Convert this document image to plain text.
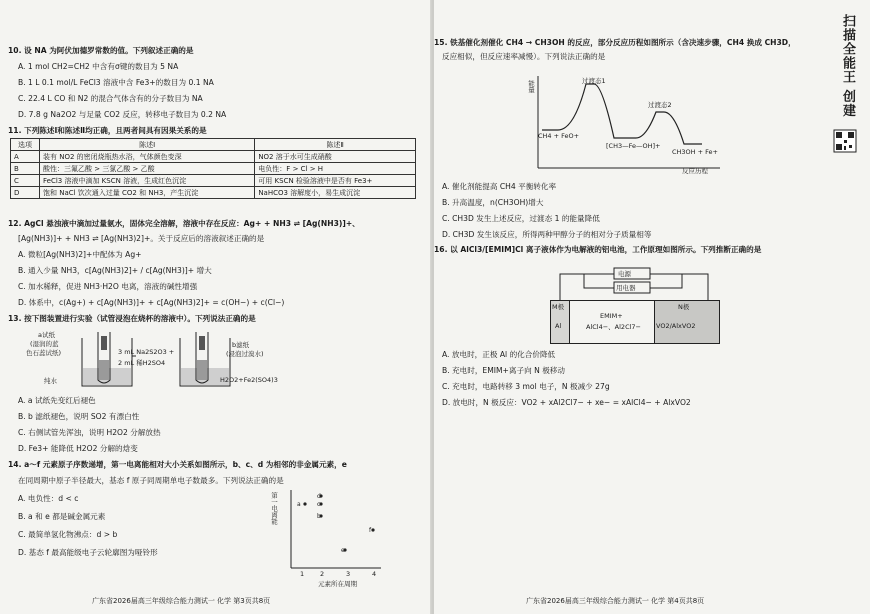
10. 设 NA 为阿伏加德罗常数的值。下列叙述正确的是
A. 1 mol CH2=CH2 中含有σ键的数目为 5 NA
B. 1 L 0.1 mol/L FeCl3 溶液中含 Fe3+的数目为 0.1 NA
C. 22.4 L CO 和 N2 的混合气体含有的分子数目为 NA
D. 7.8 g Na2O2 与足量 CO2 反应，转移电子数目为 0.2 NA
11. 下列陈述Ⅰ和陈述Ⅱ均正确，且两者间具有因果关系的是
选项	陈述Ⅰ	陈述Ⅱ
A	装有 NO2 的密闭烧瓶热水浴，气体颜色变深	NO2 溶于水可生成硝酸
B	酸性：三氟乙酸 > 三氯乙酸 > 乙酸	电负性：F > Cl > H
C	FeCl3 溶液中滴加 KSCN 溶液，生成红色沉淀	可用 KSCN 检验溶液中是否有 Fe3+
D	饱和 NaCl 饮次通入过量 CO2 和 NH3，产生沉淀	NaHCO3 溶解度小，易生成沉淀
12. AgCl 悬浊液中滴加过量氨水，固体完全溶解，溶液中存在反应：Ag+ + NH3 ⇌ [Ag(NH3)]+、
[Ag(NH3)]+ + NH3 ⇌ [Ag(NH3)2]+。关于反应后的溶液叙述正确的是
A. 微粒[Ag(NH3)2]+中配体为 Ag+
B. 通入少量 NH3，c[Ag(NH3)2]+ / c[Ag(NH3)]+ 增大
C. 加水稀释，促进 NH3·H2O 电离，溶液的碱性增强
D. 体系中，c(Ag+) + c[Ag(NH3)]+ + c[Ag(NH3)2]+ = c(OH−) + c(Cl−)
13. 按下图装置进行实验（试管浸泡在烧杯的溶液中）。下列说法正确的是
a试纸
(湿润的蓝
色石蕊试纸)
纯水
3 mL Na2S2O3 +
2 mL 稀H2SO4
b滤纸
(浸泡过溴水)
H2O2+Fe2(SO4)3
A. a 试纸先变红后褪色
B. b 滤纸褪色，说明 SO2 有漂白性
C. 右侧试管先浑浊，说明 H2O2 分解放热
D. Fe3+ 能降低 H2O2 分解的焓变
14. a～f 元素原子序数递增，第一电离能相对大小关系如图所示，b、c、d 为相邻的非金属元素，e
在同周期中原子半径最大，基态 f 原子同周期单电子数最多。下列说法正确的是
A. 电负性：d < c
B. a 和 e 都是碱金属元素
C. 最简单氢化物沸点：d > b
D. 基态 f 最高能级电子云轮廓图为哑铃形
a
d
c
b
e
f
第一电离能
1 2	3	4
元素所在周期
广东省2026届高三年级综合能力测试一 化学 第3页共8页
15. 铁基催化剂催化 CH4 → CH3OH 的反应，部分反应历程如图所示（含决速步骤，CH4 换成 CH3D，
反应相似，但反应速率减慢）。下列说法正确的是
能量	过渡态1
过渡态2
CH4 + FeO+
[CH3—Fe—OH]+
CH3OH + Fe+
反应历程
A. 催化剂能提高 CH4 平衡转化率
B. 升高温度，n(CH3OH)增大
C. CH3D 发生上述反应，过渡态 1 的能量降低
D. CH3D 发生该反应，所得两种甲醇分子的相对分子质量相等
16. 以 AlCl3/[EMIM]Cl 离子液体作为电解液的铝电池，工作原理如图所示。下列推断正确的是
电源
用电器
M极
Al
EMIM+
AlCl4−、Al2Cl7−
N极
VO2/AlxVO2
A. 放电时，正极 Al 的化合价降低
B. 充电时，EMIM+离子向 N 极移动
C. 充电时，电路转移 3 mol 电子，N 极减少 27g
D. 放电时，N 极反应：VO2 + xAl2Cl7− + xe− = xAlCl4− + AlxVO2
扫描全能王 创建
广东省2026届高三年级综合能力测试一 化学 第4页共8页
